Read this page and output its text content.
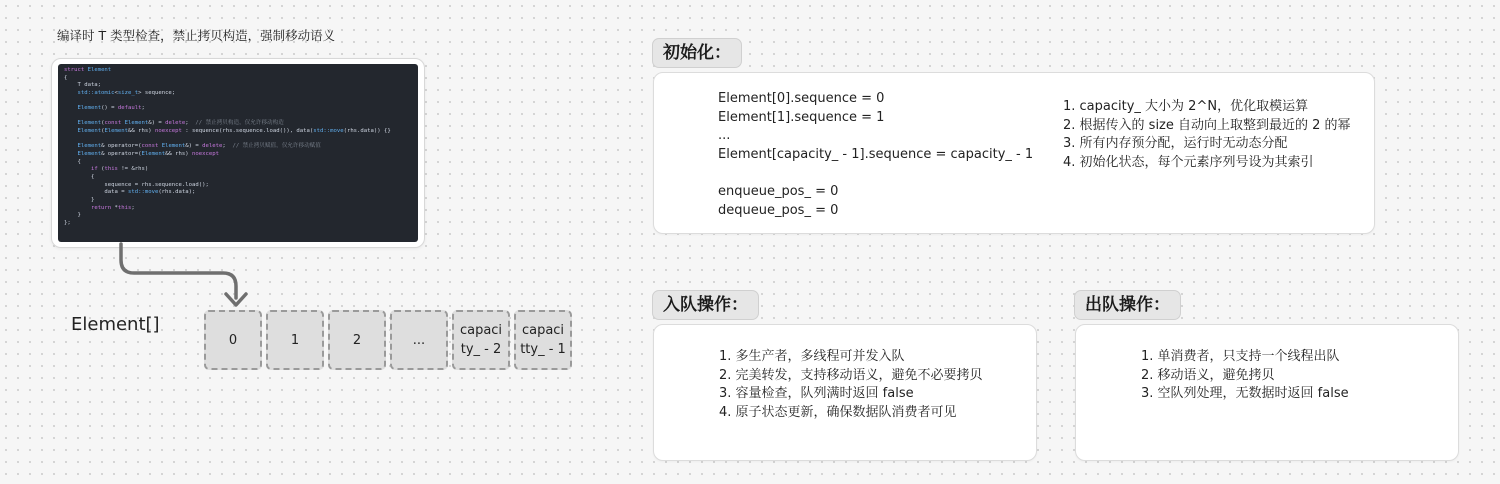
编译时 T 类型检查，禁止拷贝构造，强制移动语义
struct Element
{
T data;
std::atomic<size_t> sequence;

Element() = default;

Element(const Element&) = delete;  // 禁止拷贝构造，仅允许移动构造
Element(Element&& rhs) noexcept : sequence(rhs.sequence.load()), data(std::move(rhs.data)) {}

Element& operator=(const Element&) = delete;  // 禁止拷贝赋值，仅允许移动赋值
Element& operator=(Element&& rhs) noexcept
{
if (this != &rhs)
{
sequence = rhs.sequence.load();
data = std::move(rhs.data);
}
return *this;
}
};
Element[]
0	1	2	...
capaci
ty_ - 2
capaci
tty_ - 1
初始化：
Element[0].sequence = 0
Element[1].sequence = 1
...
Element[capacity_ - 1].sequence = capacity_ - 1
enqueue_pos_ = 0
dequeue_pos_ = 0
1. capacity_ 大小为 2^N，优化取模运算
2. 根据传入的 size 自动向上取整到最近的 2 的幂
3. 所有内存预分配，运行时无动态分配
4. 初始化状态，每个元素序列号设为其索引
入队操作：
1. 多生产者，多线程可并发入队
2. 完美转发，支持移动语义，避免不必要拷贝
3. 容量检查，队列满时返回 false
4. 原子状态更新，确保数据队消费者可见
出队操作：
1. 单消费者，只支持一个线程出队
2. 移动语义，避免拷贝
3. 空队列处理，无数据时返回 false
